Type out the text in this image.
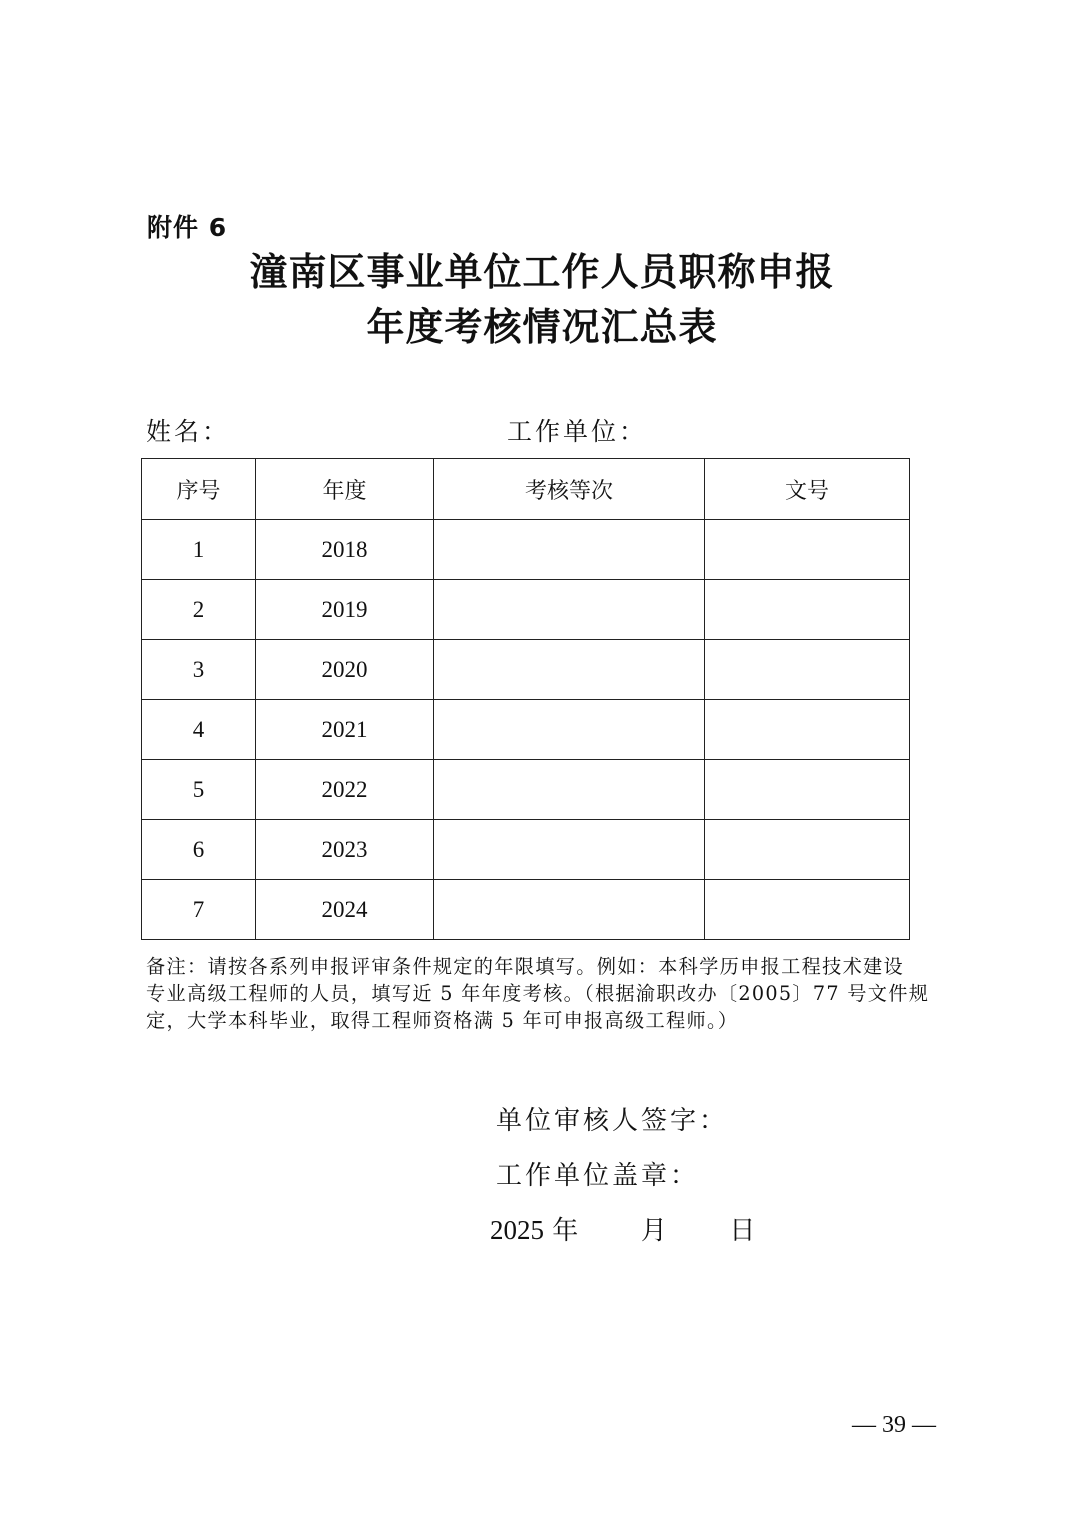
附件 6
潼南区事业单位工作人员职称申报
年度考核情况汇总表
姓名：	工作单位：
序号	年度	考核等次	文号
1	2018		
2	2019		
3	2020		
4	2021		
5	2022		
6	2023		
7	2024		
备注：请按各系列申报评审条件规定的年限填写。例如：本科学历申报工程技术建设
专业高级工程师的人员，填写近 5 年年度考核。（根据渝职改办〔2005〕77 号文件规
定，大学本科毕业，取得工程师资格满 5 年可申报高级工程师。）
单位审核人签字：
工作单位盖章：
2025 年 月 日
— 39 —
